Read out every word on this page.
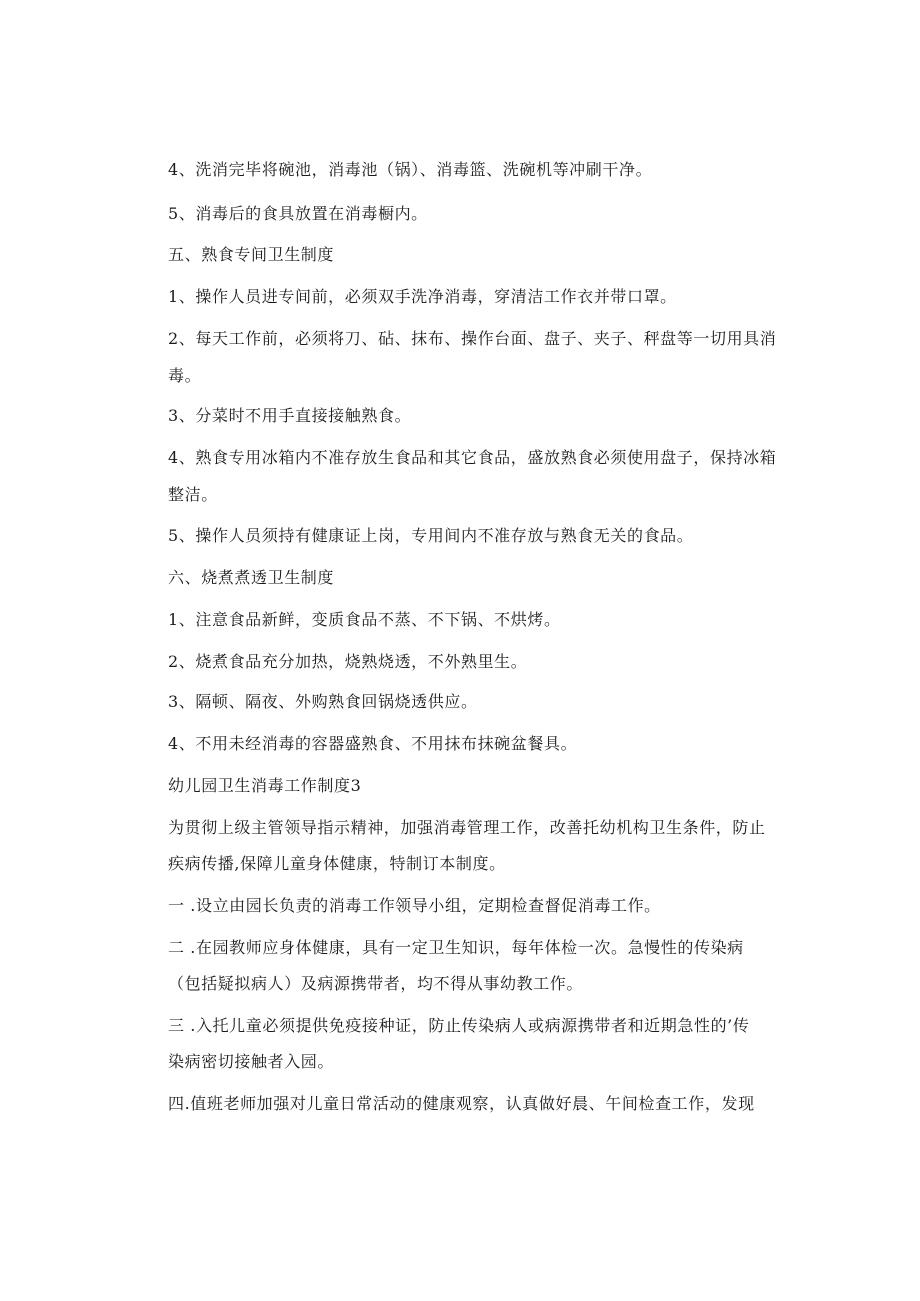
4、洗消完毕将碗池，消毒池（锅）、消毒篮、洗碗机等冲刷干净。
5、消毒后的食具放置在消毒橱内。
五、熟食专间卫生制度
1、操作人员进专间前，必须双手洗净消毒，穿清洁工作衣并带口罩。
2、每天工作前，必须将刀、砧、抹布、操作台面、盘子、夹子、秤盘等一切用具消
毒。
3、分菜时不用手直接接触熟食。
4、熟食专用冰箱内不准存放生食品和其它食品，盛放熟食必须使用盘子，保持冰箱
整洁。
5、操作人员须持有健康证上岗，专用间内不准存放与熟食无关的食品。
六、烧煮煮透卫生制度
1、注意食品新鲜，变质食品不蒸、不下锅、不烘烤。
2、烧煮食品充分加热，烧熟烧透，不外熟里生。
3、隔顿、隔夜、外购熟食回锅烧透供应。
4、不用未经消毒的容器盛熟食、不用抹布抹碗盆餐具。
幼儿园卫生消毒工作制度3
为贯彻上级主管领导指示精神，加强消毒管理工作，改善托幼机构卫生条件，防止
疾病传播,保障儿童身体健康，特制订本制度。
一 .设立由园长负责的消毒工作领导小组，定期检查督促消毒工作。
二 .在园教师应身体健康，具有一定卫生知识，每年体检一次。急慢性的传染病
（包括疑拟病人）及病源携带者，均不得从事幼教工作。
三 .入托儿童必须提供免疫接种证，防止传染病人或病源携带者和近期急性的’传
染病密切接触者入园。
四.值班老师加强对儿童日常活动的健康观察，认真做好晨、午间检查工作，发现
